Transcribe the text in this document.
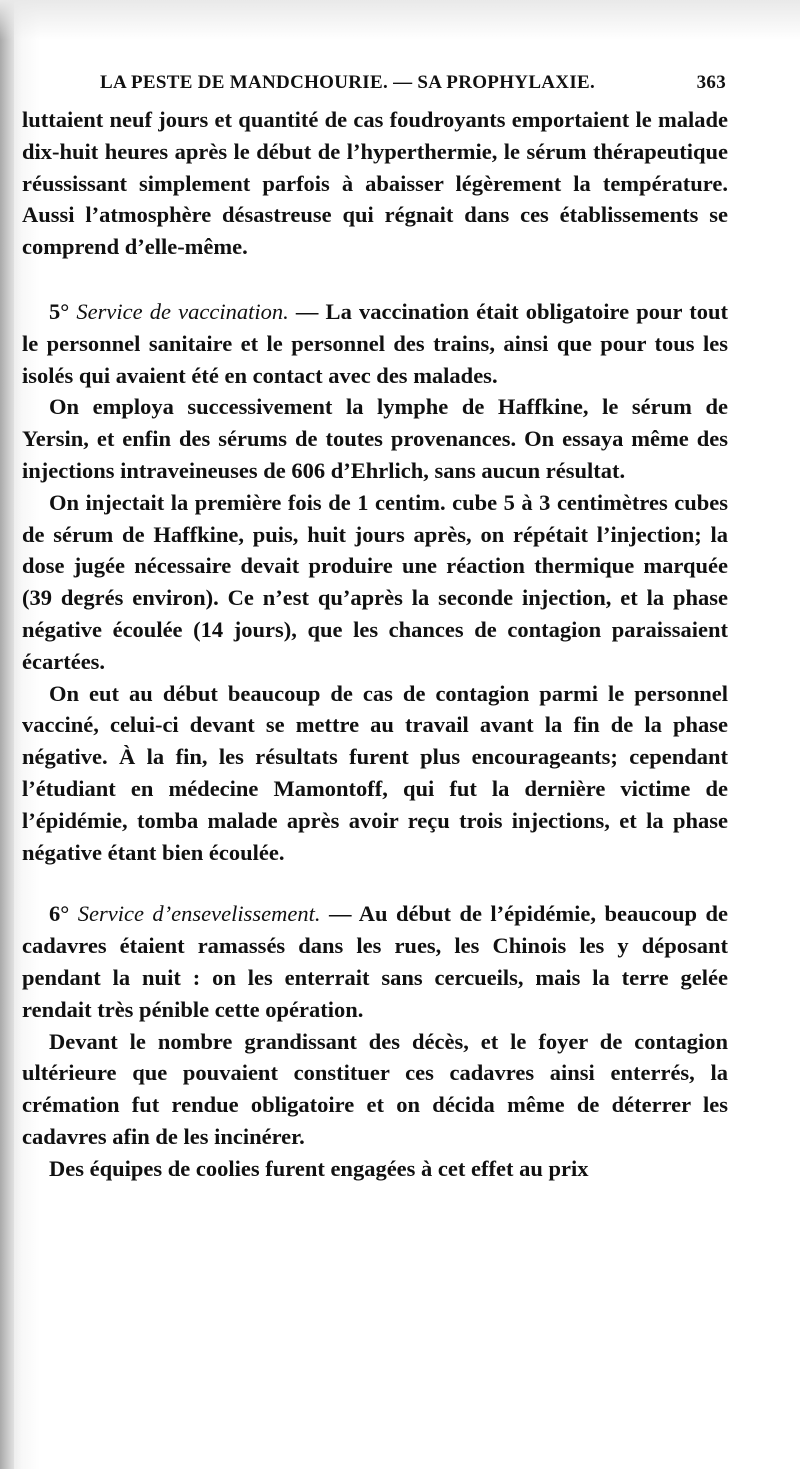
LA PESTE DE MANDCHOURIE. — SA PROPHYLAXIE.	363

luttaient neuf jours et quantité de cas foudroyants emportaient le malade dix-huit heures après le début de l’hyperthermie, le sérum thérapeutique réussissant simplement parfois à abaisser légèrement la température. Aussi l’atmosphère désastreuse qui régnait dans ces établissements se comprend d’elle-même.

5° Service de vaccination. — La vaccination était obligatoire pour tout le personnel sanitaire et le personnel des trains, ainsi que pour tous les isolés qui avaient été en contact avec des malades.

On employa successivement la lymphe de Haffkine, le sérum de Yersin, et enfin des sérums de toutes provenances. On essaya même des injections intraveineuses de 606 d’Ehrlich, sans aucun résultat.

On injectait la première fois de 1 centim. cube 5 à 3 centimètres cubes de sérum de Haffkine, puis, huit jours après, on répétait l’injection; la dose jugée nécessaire devait produire une réaction thermique marquée (39 degrés environ). Ce n’est qu’après la seconde injection, et la phase négative écoulée (14 jours), que les chances de contagion paraissaient écartées.

On eut au début beaucoup de cas de contagion parmi le personnel vacciné, celui-ci devant se mettre au travail avant la fin de la phase négative. À la fin, les résultats furent plus encourageants; cependant l’étudiant en médecine Mamontoff, qui fut la dernière victime de l’épidémie, tomba malade après avoir reçu trois injections, et la phase négative étant bien écoulée.

6° Service d’ensevelissement. — Au début de l’épidémie, beaucoup de cadavres étaient ramassés dans les rues, les Chinois les y déposant pendant la nuit : on les enterrait sans cercueils, mais la terre gelée rendait très pénible cette opération.

Devant le nombre grandissant des décès, et le foyer de contagion ultérieure que pouvaient constituer ces cadavres ainsi enterrés, la crémation fut rendue obligatoire et on décida même de déterrer les cadavres afin de les incinérer.

Des équipes de coolies furent engagées à cet effet au prix
